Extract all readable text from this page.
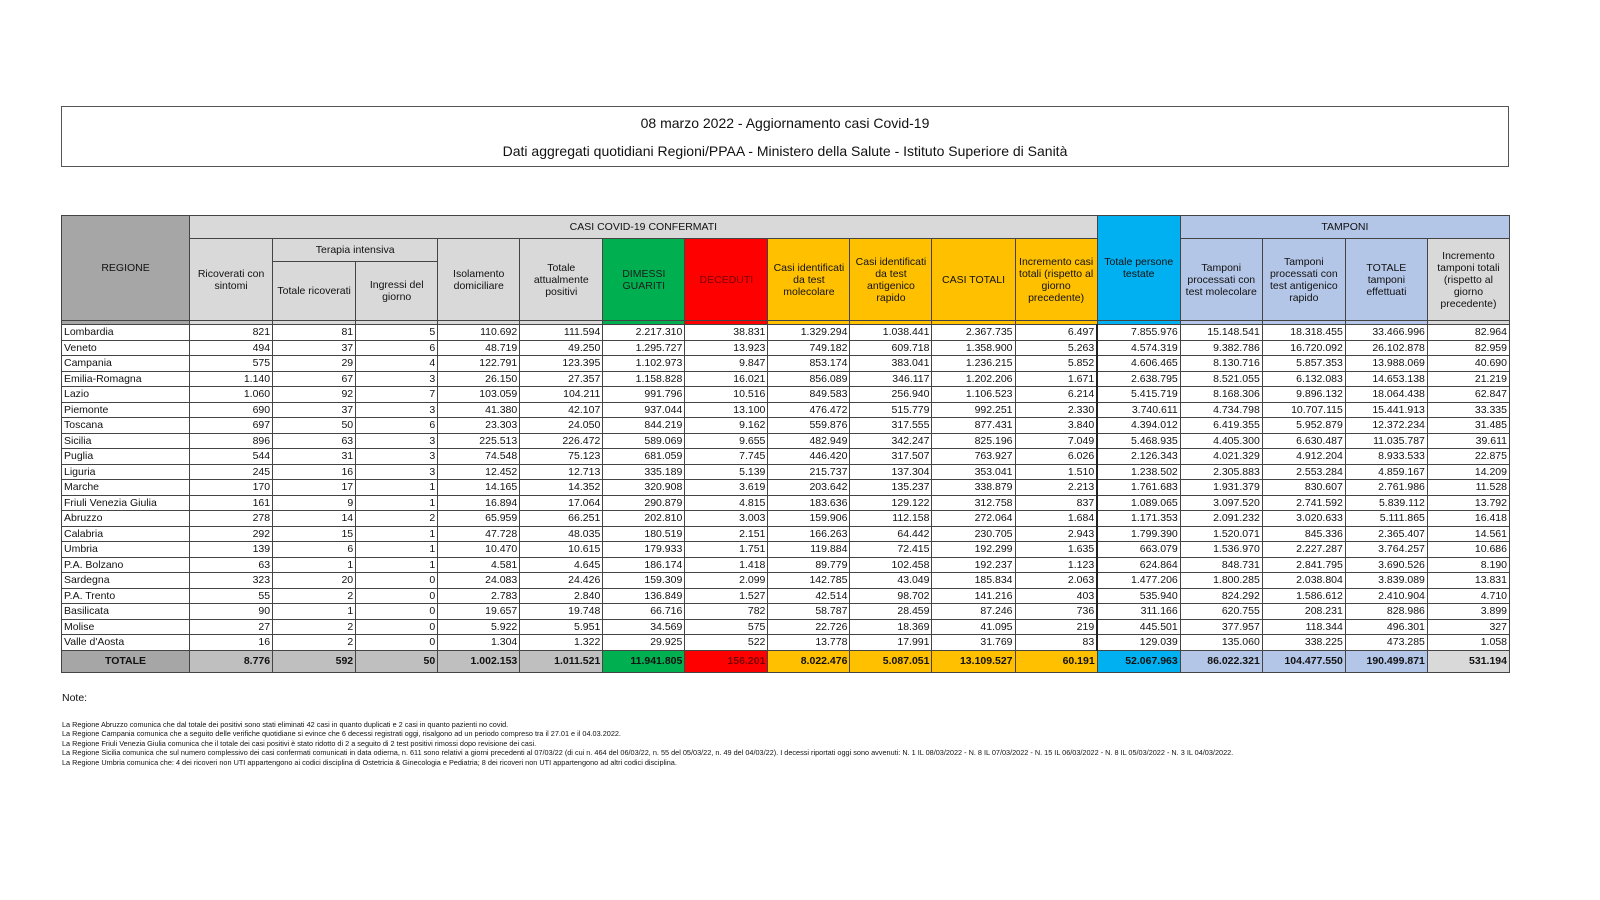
08 marzo 2022 - Aggiornamento casi Covid-19
Dati aggregati quotidiani Regioni/PPAA - Ministero della Salute - Istituto Superiore di Sanità
REGIONE	CASI COVID-19 CONFERMATI											Totale persone testate	TAMPONI			
	Ricoverati con sintomi	Terapia intensiva		Isolamento domiciliare	Totale attualmente positivi	DIMESSI GUARITI	DECEDUTI	Casi identificati da test molecolare	Casi identificati da test antigenico rapido	CASI TOTALI	Incremento casi totali (rispetto al giorno precedente)		Tamponi processati con test molecolare	Tamponi processati con test antigenico rapido	TOTALE tamponi effettuati	Incremento tamponi totali (rispetto al giorno precedente)
		Totale ricoverati	Ingressi del giorno													

Lombardia	821	81	5	110.692	111.594	2.217.310	38.831	1.329.294	1.038.441	2.367.735	6.497	7.855.976	15.148.541	18.318.455	33.466.996	82.964
Veneto	494	37	6	48.719	49.250	1.295.727	13.923	749.182	609.718	1.358.900	5.263	4.574.319	9.382.786	16.720.092	26.102.878	82.959
Campania	575	29	4	122.791	123.395	1.102.973	9.847	853.174	383.041	1.236.215	5.852	4.606.465	8.130.716	5.857.353	13.988.069	40.690
Emilia-Romagna	1.140	67	3	26.150	27.357	1.158.828	16.021	856.089	346.117	1.202.206	1.671	2.638.795	8.521.055	6.132.083	14.653.138	21.219
Lazio	1.060	92	7	103.059	104.211	991.796	10.516	849.583	256.940	1.106.523	6.214	5.415.719	8.168.306	9.896.132	18.064.438	62.847
Piemonte	690	37	3	41.380	42.107	937.044	13.100	476.472	515.779	992.251	2.330	3.740.611	4.734.798	10.707.115	15.441.913	33.335
Toscana	697	50	6	23.303	24.050	844.219	9.162	559.876	317.555	877.431	3.840	4.394.012	6.419.355	5.952.879	12.372.234	31.485
Sicilia	896	63	3	225.513	226.472	589.069	9.655	482.949	342.247	825.196	7.049	5.468.935	4.405.300	6.630.487	11.035.787	39.611
Puglia	544	31	3	74.548	75.123	681.059	7.745	446.420	317.507	763.927	6.026	2.126.343	4.021.329	4.912.204	8.933.533	22.875
Liguria	245	16	3	12.452	12.713	335.189	5.139	215.737	137.304	353.041	1.510	1.238.502	2.305.883	2.553.284	4.859.167	14.209
Marche	170	17	1	14.165	14.352	320.908	3.619	203.642	135.237	338.879	2.213	1.761.683	1.931.379	830.607	2.761.986	11.528
Friuli Venezia Giulia	161	9	1	16.894	17.064	290.879	4.815	183.636	129.122	312.758	837	1.089.065	3.097.520	2.741.592	5.839.112	13.792
Abruzzo	278	14	2	65.959	66.251	202.810	3.003	159.906	112.158	272.064	1.684	1.171.353	2.091.232	3.020.633	5.111.865	16.418
Calabria	292	15	1	47.728	48.035	180.519	2.151	166.263	64.442	230.705	2.943	1.799.390	1.520.071	845.336	2.365.407	14.561
Umbria	139	6	1	10.470	10.615	179.933	1.751	119.884	72.415	192.299	1.635	663.079	1.536.970	2.227.287	3.764.257	10.686
P.A. Bolzano	63	1	1	4.581	4.645	186.174	1.418	89.779	102.458	192.237	1.123	624.864	848.731	2.841.795	3.690.526	8.190
Sardegna	323	20	0	24.083	24.426	159.309	2.099	142.785	43.049	185.834	2.063	1.477.206	1.800.285	2.038.804	3.839.089	13.831
P.A. Trento	55	2	0	2.783	2.840	136.849	1.527	42.514	98.702	141.216	403	535.940	824.292	1.586.612	2.410.904	4.710
Basilicata	90	1	0	19.657	19.748	66.716	782	58.787	28.459	87.246	736	311.166	620.755	208.231	828.986	3.899
Molise	27	2	0	5.922	5.951	34.569	575	22.726	18.369	41.095	219	445.501	377.957	118.344	496.301	327
Valle d'Aosta	16	2	0	1.304	1.322	29.925	522	13.778	17.991	31.769	83	129.039	135.060	338.225	473.285	1.058
TOTALE	8.776	592	50	1.002.153	1.011.521	11.941.805	156.201	8.022.476	5.087.051	13.109.527	60.191	52.067.963	86.022.321	104.477.550	190.499.871	531.194
Note:
La Regione Abruzzo comunica che dal totale dei positivi sono stati eliminati 42 casi in quanto duplicati e 2 casi in quanto pazienti no covid.
La Regione Campania comunica che a seguito delle verifiche quotidiane si evince che 6 decessi registrati oggi, risalgono ad un periodo compreso tra il 27.01 e il 04.03.2022.
La Regione Friuli Venezia Giulia comunica che il totale dei casi positivi è stato ridotto di 2 a seguito di 2 test positivi rimossi dopo revisione dei casi.
La Regione Sicilia comunica che sul numero complessivo dei casi confermati comunicati in data odierna, n. 611 sono relativi a giorni precedenti al 07/03/22 (di cui n. 464 del 06/03/22, n. 55 del 05/03/22, n. 49 del 04/03/22). I decessi riportati oggi sono avvenuti: N. 1 IL 08/03/2022 - N. 8 IL 07/03/2022 - N. 15 IL 06/03/2022 - N. 8 IL 05/03/2022 - N. 3 IL 04/03/2022.
La Regione Umbria comunica che: 4 dei ricoveri non UTI appartengono ai codici disciplina di Ostetricia & Ginecologia e Pediatria; 8 dei ricoveri non UTI appartengono ad altri codici disciplina.
